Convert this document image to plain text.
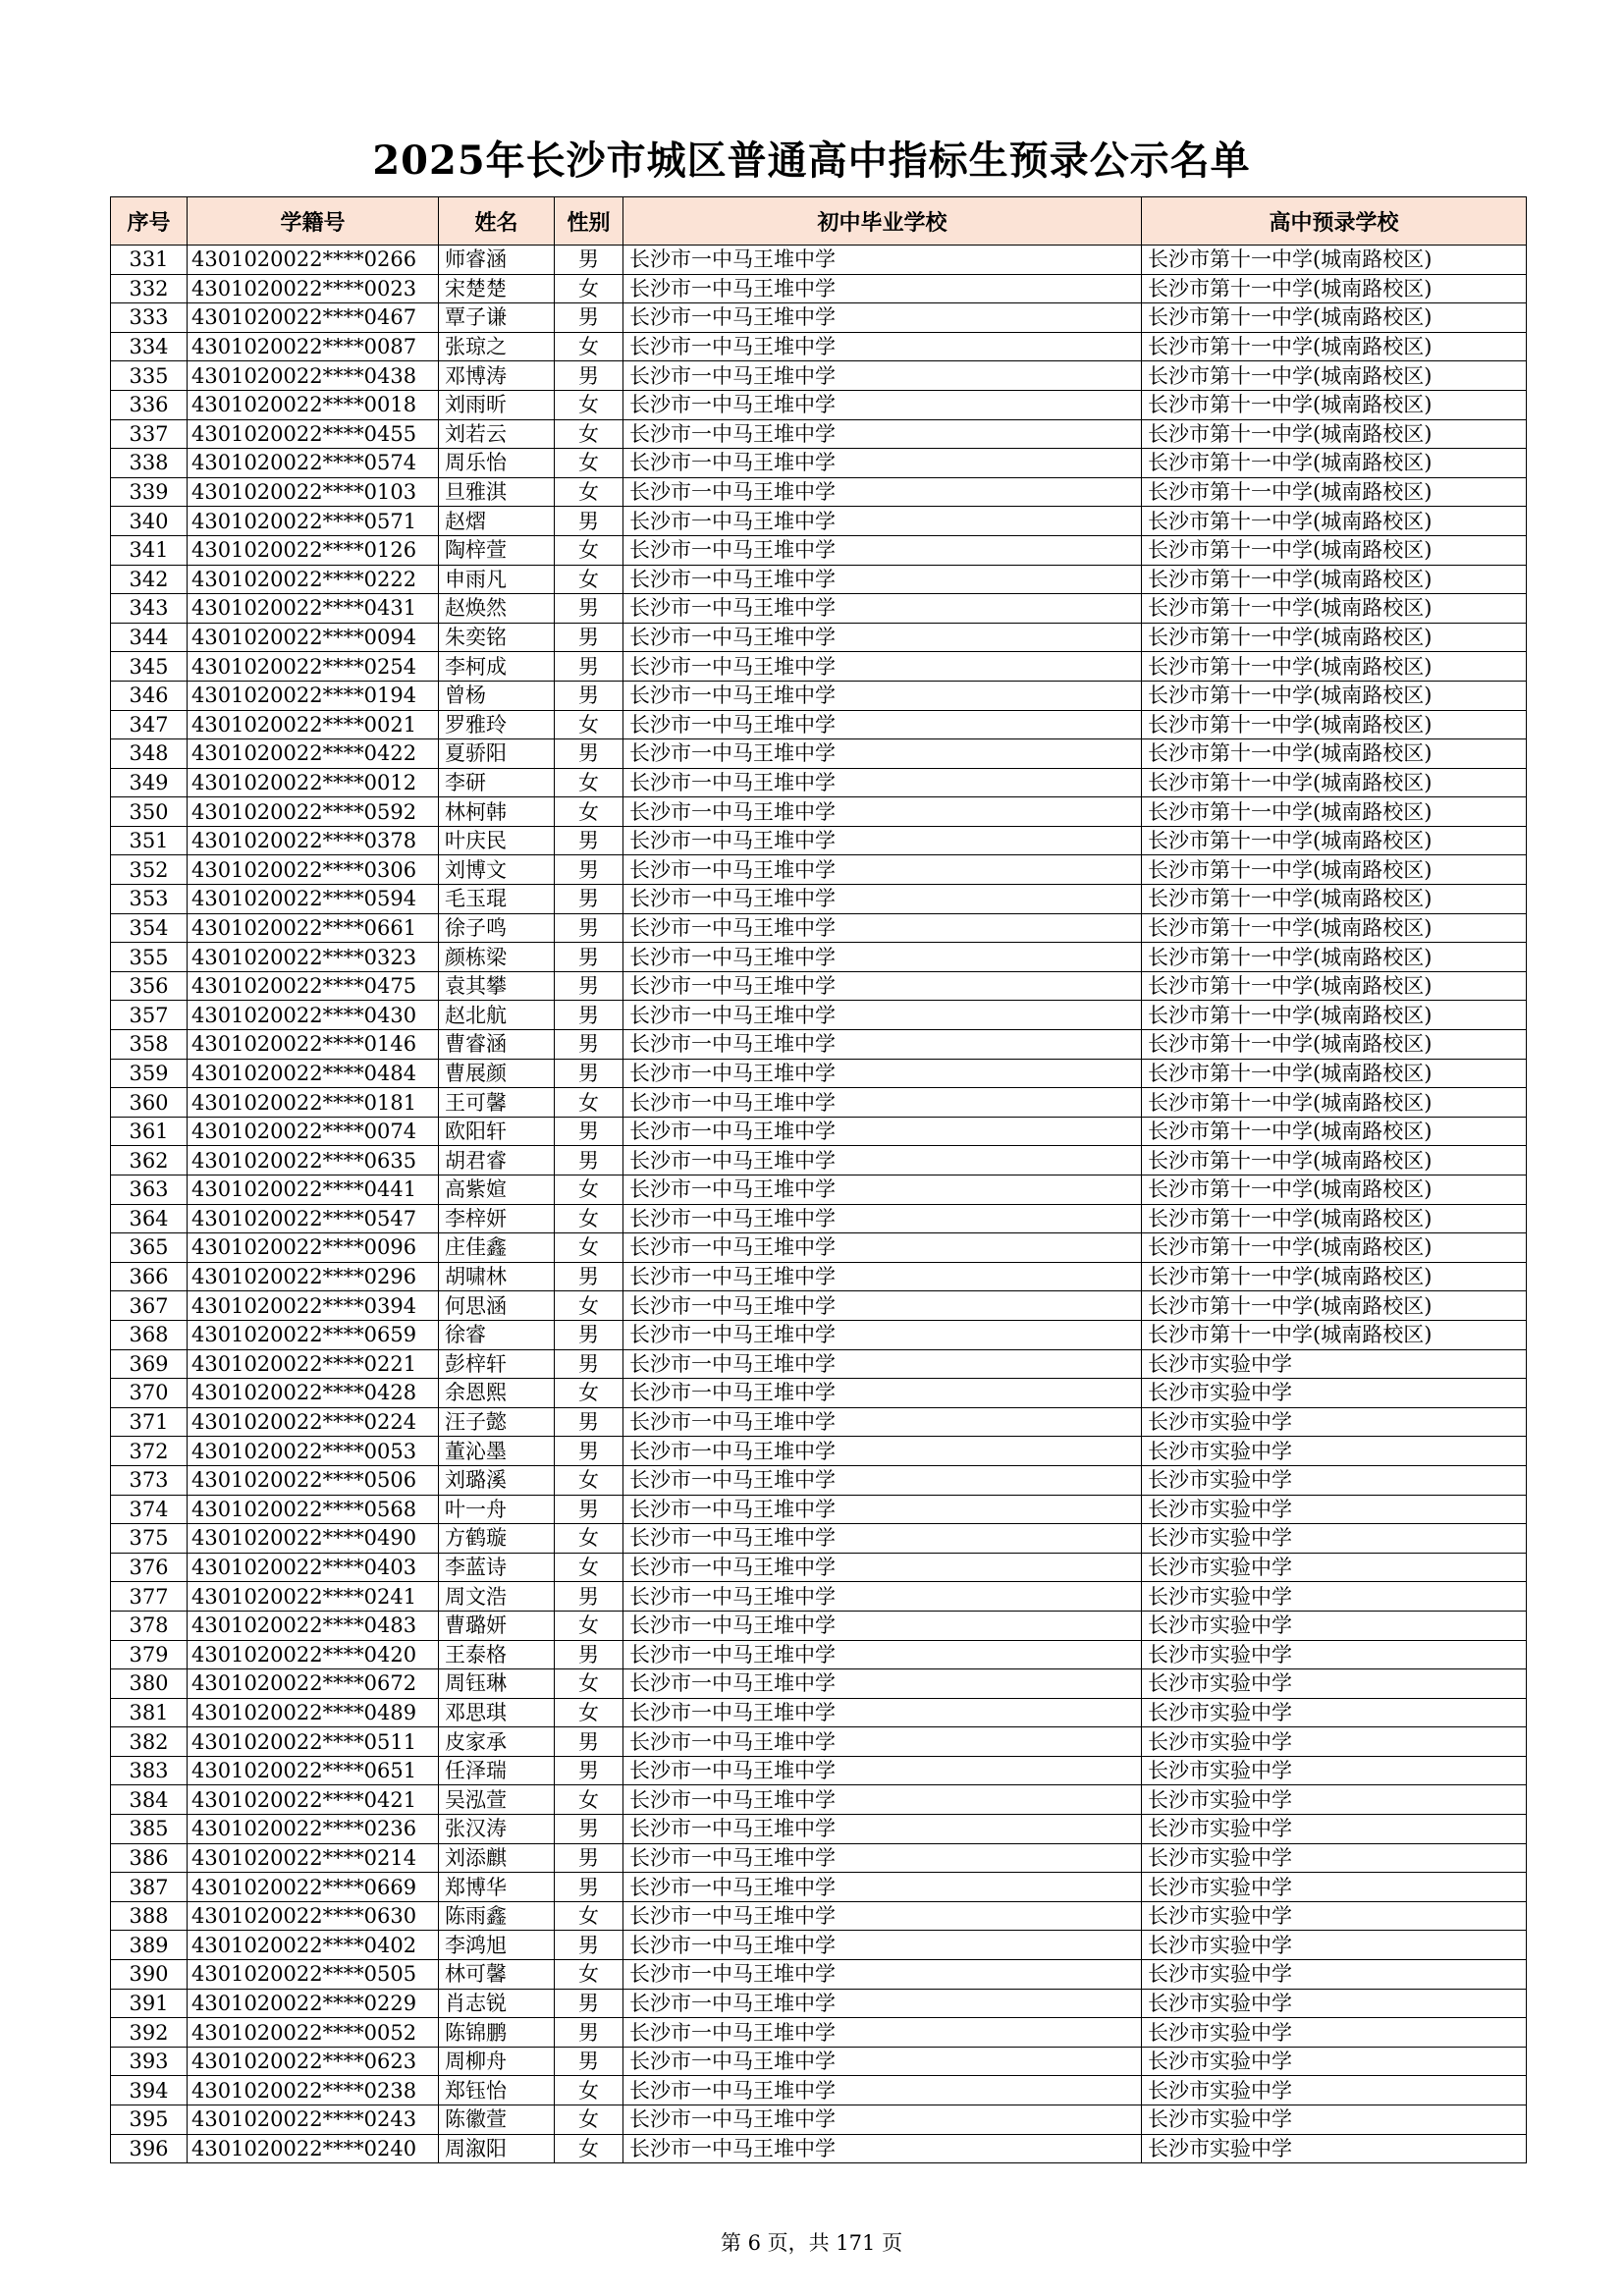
2025年长沙市城区普通高中指标生预录公示名单
序号	学籍号	姓名	性别	初中毕业学校	高中预录学校
331	4301020022****0266	师睿涵	男	长沙市一中马王堆中学	长沙市第十一中学(城南路校区)
332	4301020022****0023	宋楚楚	女	长沙市一中马王堆中学	长沙市第十一中学(城南路校区)
333	4301020022****0467	覃子谦	男	长沙市一中马王堆中学	长沙市第十一中学(城南路校区)
334	4301020022****0087	张琼之	女	长沙市一中马王堆中学	长沙市第十一中学(城南路校区)
335	4301020022****0438	邓博涛	男	长沙市一中马王堆中学	长沙市第十一中学(城南路校区)
336	4301020022****0018	刘雨昕	女	长沙市一中马王堆中学	长沙市第十一中学(城南路校区)
337	4301020022****0455	刘若云	女	长沙市一中马王堆中学	长沙市第十一中学(城南路校区)
338	4301020022****0574	周乐怡	女	长沙市一中马王堆中学	长沙市第十一中学(城南路校区)
339	4301020022****0103	旦雅淇	女	长沙市一中马王堆中学	长沙市第十一中学(城南路校区)
340	4301020022****0571	赵熠	男	长沙市一中马王堆中学	长沙市第十一中学(城南路校区)
341	4301020022****0126	陶梓萱	女	长沙市一中马王堆中学	长沙市第十一中学(城南路校区)
342	4301020022****0222	申雨凡	女	长沙市一中马王堆中学	长沙市第十一中学(城南路校区)
343	4301020022****0431	赵焕然	男	长沙市一中马王堆中学	长沙市第十一中学(城南路校区)
344	4301020022****0094	朱奕铭	男	长沙市一中马王堆中学	长沙市第十一中学(城南路校区)
345	4301020022****0254	李柯成	男	长沙市一中马王堆中学	长沙市第十一中学(城南路校区)
346	4301020022****0194	曾杨	男	长沙市一中马王堆中学	长沙市第十一中学(城南路校区)
347	4301020022****0021	罗雅玲	女	长沙市一中马王堆中学	长沙市第十一中学(城南路校区)
348	4301020022****0422	夏骄阳	男	长沙市一中马王堆中学	长沙市第十一中学(城南路校区)
349	4301020022****0012	李研	女	长沙市一中马王堆中学	长沙市第十一中学(城南路校区)
350	4301020022****0592	林柯韩	女	长沙市一中马王堆中学	长沙市第十一中学(城南路校区)
351	4301020022****0378	叶庆民	男	长沙市一中马王堆中学	长沙市第十一中学(城南路校区)
352	4301020022****0306	刘博文	男	长沙市一中马王堆中学	长沙市第十一中学(城南路校区)
353	4301020022****0594	毛玉琨	男	长沙市一中马王堆中学	长沙市第十一中学(城南路校区)
354	4301020022****0661	徐子鸣	男	长沙市一中马王堆中学	长沙市第十一中学(城南路校区)
355	4301020022****0323	颜栋梁	男	长沙市一中马王堆中学	长沙市第十一中学(城南路校区)
356	4301020022****0475	袁其攀	男	长沙市一中马王堆中学	长沙市第十一中学(城南路校区)
357	4301020022****0430	赵北航	男	长沙市一中马王堆中学	长沙市第十一中学(城南路校区)
358	4301020022****0146	曹睿涵	男	长沙市一中马王堆中学	长沙市第十一中学(城南路校区)
359	4301020022****0484	曹展颜	男	长沙市一中马王堆中学	长沙市第十一中学(城南路校区)
360	4301020022****0181	王可馨	女	长沙市一中马王堆中学	长沙市第十一中学(城南路校区)
361	4301020022****0074	欧阳轩	男	长沙市一中马王堆中学	长沙市第十一中学(城南路校区)
362	4301020022****0635	胡君睿	男	长沙市一中马王堆中学	长沙市第十一中学(城南路校区)
363	4301020022****0441	高紫媗	女	长沙市一中马王堆中学	长沙市第十一中学(城南路校区)
364	4301020022****0547	李梓妍	女	长沙市一中马王堆中学	长沙市第十一中学(城南路校区)
365	4301020022****0096	庄佳鑫	女	长沙市一中马王堆中学	长沙市第十一中学(城南路校区)
366	4301020022****0296	胡啸林	男	长沙市一中马王堆中学	长沙市第十一中学(城南路校区)
367	4301020022****0394	何思涵	女	长沙市一中马王堆中学	长沙市第十一中学(城南路校区)
368	4301020022****0659	徐睿	男	长沙市一中马王堆中学	长沙市第十一中学(城南路校区)
369	4301020022****0221	彭梓轩	男	长沙市一中马王堆中学	长沙市实验中学
370	4301020022****0428	余恩熙	女	长沙市一中马王堆中学	长沙市实验中学
371	4301020022****0224	汪子懿	男	长沙市一中马王堆中学	长沙市实验中学
372	4301020022****0053	董沁墨	男	长沙市一中马王堆中学	长沙市实验中学
373	4301020022****0506	刘璐溪	女	长沙市一中马王堆中学	长沙市实验中学
374	4301020022****0568	叶一舟	男	长沙市一中马王堆中学	长沙市实验中学
375	4301020022****0490	方鹤璇	女	长沙市一中马王堆中学	长沙市实验中学
376	4301020022****0403	李蓝诗	女	长沙市一中马王堆中学	长沙市实验中学
377	4301020022****0241	周文浩	男	长沙市一中马王堆中学	长沙市实验中学
378	4301020022****0483	曹璐妍	女	长沙市一中马王堆中学	长沙市实验中学
379	4301020022****0420	王泰格	男	长沙市一中马王堆中学	长沙市实验中学
380	4301020022****0672	周钰琳	女	长沙市一中马王堆中学	长沙市实验中学
381	4301020022****0489	邓思琪	女	长沙市一中马王堆中学	长沙市实验中学
382	4301020022****0511	皮家承	男	长沙市一中马王堆中学	长沙市实验中学
383	4301020022****0651	任泽瑞	男	长沙市一中马王堆中学	长沙市实验中学
384	4301020022****0421	吴泓萱	女	长沙市一中马王堆中学	长沙市实验中学
385	4301020022****0236	张汉涛	男	长沙市一中马王堆中学	长沙市实验中学
386	4301020022****0214	刘添麒	男	长沙市一中马王堆中学	长沙市实验中学
387	4301020022****0669	郑博华	男	长沙市一中马王堆中学	长沙市实验中学
388	4301020022****0630	陈雨鑫	女	长沙市一中马王堆中学	长沙市实验中学
389	4301020022****0402	李鸿旭	男	长沙市一中马王堆中学	长沙市实验中学
390	4301020022****0505	林可馨	女	长沙市一中马王堆中学	长沙市实验中学
391	4301020022****0229	肖志锐	男	长沙市一中马王堆中学	长沙市实验中学
392	4301020022****0052	陈锦鹏	男	长沙市一中马王堆中学	长沙市实验中学
393	4301020022****0623	周柳舟	男	长沙市一中马王堆中学	长沙市实验中学
394	4301020022****0238	郑钰怡	女	长沙市一中马王堆中学	长沙市实验中学
395	4301020022****0243	陈徽萱	女	长沙市一中马王堆中学	长沙市实验中学
396	4301020022****0240	周溆阳	女	长沙市一中马王堆中学	长沙市实验中学
第 6 页，共 171 页
